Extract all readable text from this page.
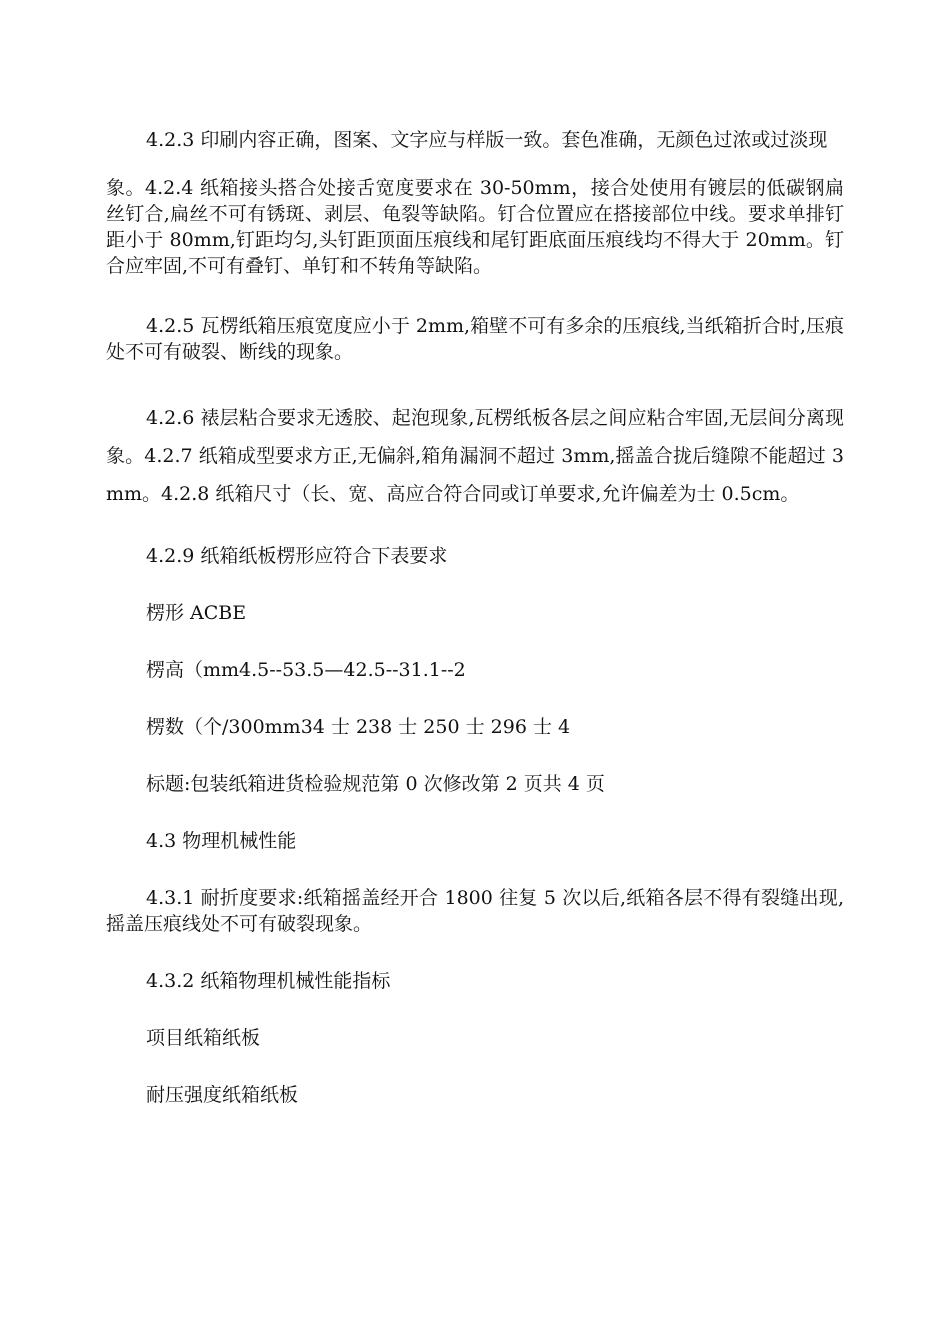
4.2.3 印刷内容正确，图案、文字应与样版一致。套色准确，无颜色过浓或过淡现

象。4.2.4 纸箱接头搭合处接舌宽度要求在 30-50mm，接合处使用有镀层的低碳钢扁丝钉合,扁丝不可有锈斑、剥层、龟裂等缺陷。钉合位置应在搭接部位中线。要求单排钉距小于 80mm,钉距均匀,头钉距顶面压痕线和尾钉距底面压痕线均不得大于 20mm。钉合应牢固,不可有叠钉、单钉和不转角等缺陷。

4.2.5 瓦楞纸箱压痕宽度应小于 2mm,箱壁不可有多余的压痕线,当纸箱折合时,压痕处不可有破裂、断线的现象。

4.2.6 裱层粘合要求无透胶、起泡现象,瓦楞纸板各层之间应粘合牢固,无层间分离现象。4.2.7 纸箱成型要求方正,无偏斜,箱角漏洞不超过 3mm,摇盖合拢后缝隙不能超过 3mm。4.2.8 纸箱尺寸（长、宽、高应合符合同或订单要求,允许偏差为士 0.5cm。

4.2.9 纸箱纸板楞形应符合下表要求

楞形 ACBE

楞高（mm4.5--53.5—42.5--31.1--2

楞数（个/300mm34 士 238 士 250 士 296 士 4

标题:包装纸箱进货检验规范第 0 次修改第 2 页共 4 页

4.3 物理机械性能

4.3.1 耐折度要求:纸箱摇盖经开合 1800 往复 5 次以后,纸箱各层不得有裂缝出现,摇盖压痕线处不可有破裂现象。

4.3.2 纸箱物理机械性能指标

项目纸箱纸板

耐压强度纸箱纸板
